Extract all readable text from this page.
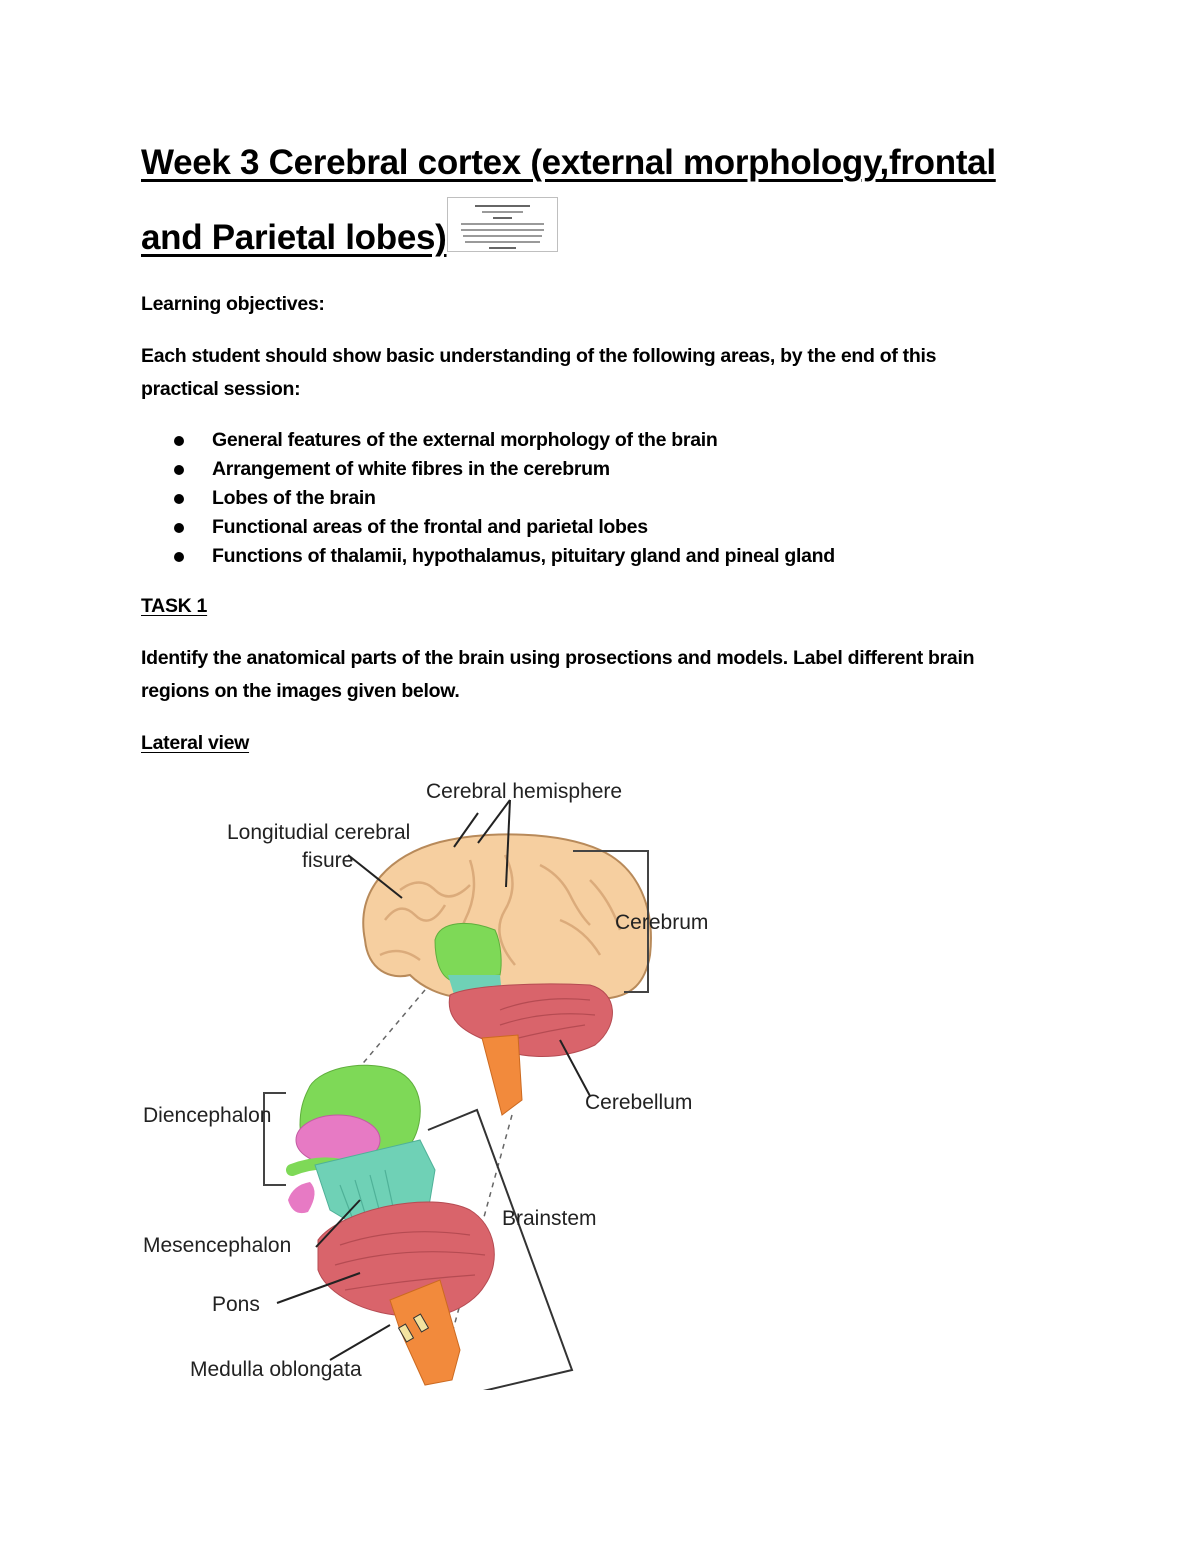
Week 3 Cerebral cortex (external morphology,frontal
and Parietal lobes)
Learning objectives:
Each student should show basic understanding of the following areas, by the end of this
practical session:
General features of the external morphology of the brain
Arrangement of white fibres in the cerebrum
Lobes of the brain
Functional areas of the frontal and parietal lobes
Functions of thalamii, hypothalamus, pituitary gland and pineal gland
TASK 1
Identify the anatomical parts of the brain using prosections and models. Label different brain
regions on the images given below.
Lateral view
Cerebral hemisphere
Longitudial cerebral
fisure
Cerebrum
Cerebellum
Diencephalon
Brainstem
Mesencephalon
Pons
Medulla oblongata
